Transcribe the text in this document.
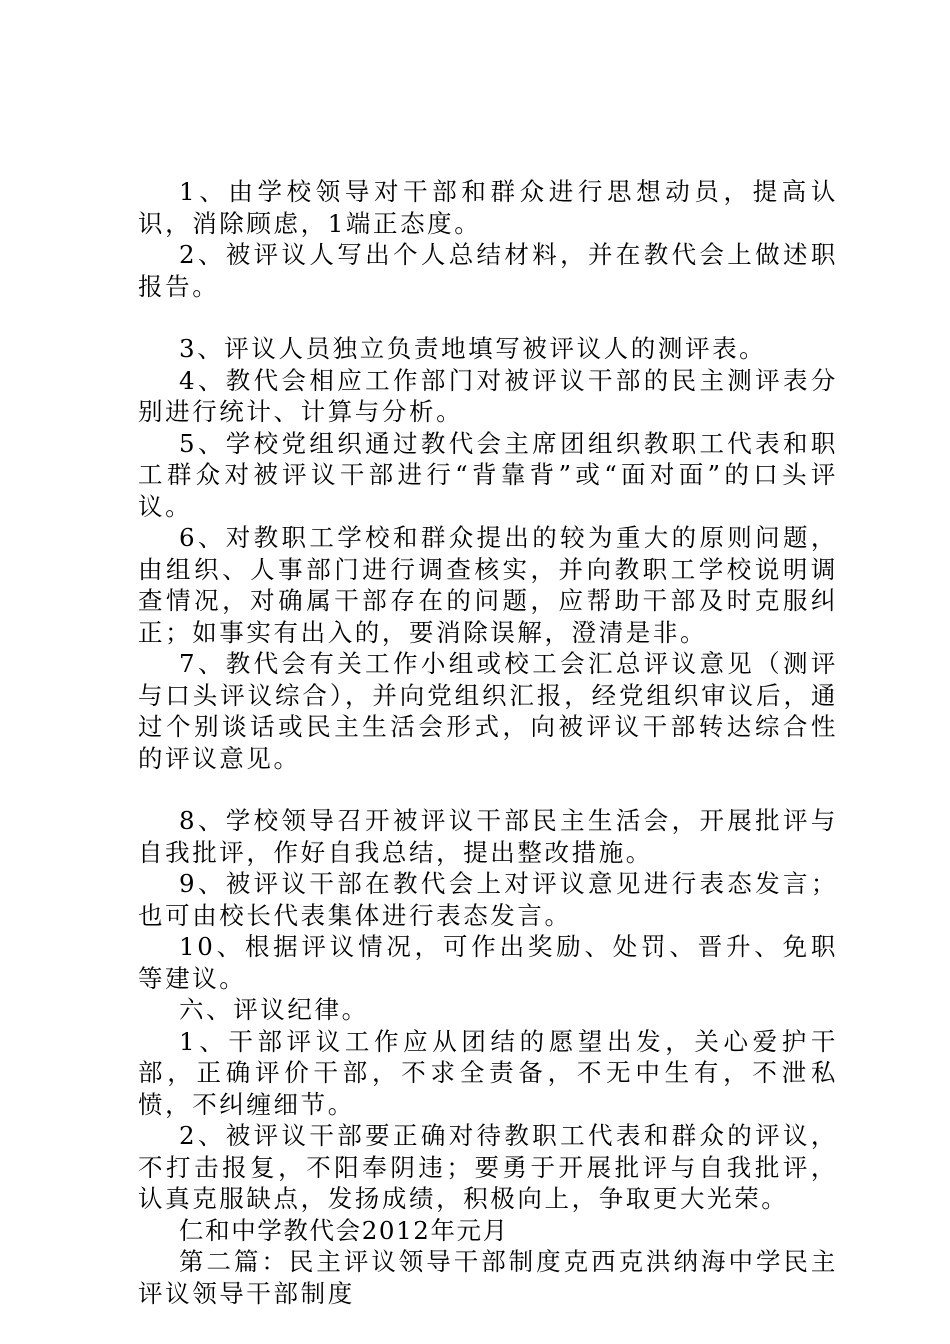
1、由学校领导对干部和群众进行思想动员，提高认识，消除顾虑，1端正态度。

2、被评议人写出个人总结材料，并在教代会上做述职报告。

3、评议人员独立负责地填写被评议人的测评表。

4、教代会相应工作部门对被评议干部的民主测评表分别进行统计、计算与分析。

5、学校党组织通过教代会主席团组织教职工代表和职工群众对被评议干部进行“背靠背”或“面对面”的口头评议。

6、对教职工学校和群众提出的较为重大的原则问题，由组织、人事部门进行调查核实，并向教职工学校说明调查情况，对确属干部存在的问题，应帮助干部及时克服纠正；如事实有出入的，要消除误解，澄清是非。

7、教代会有关工作小组或校工会汇总评议意见（测评与口头评议综合），并向党组织汇报，经党组织审议后，通过个别谈话或民主生活会形式，向被评议干部转达综合性的评议意见。

8、学校领导召开被评议干部民主生活会，开展批评与自我批评，作好自我总结，提出整改措施。

9、被评议干部在教代会上对评议意见进行表态发言；也可由校长代表集体进行表态发言。

10、根据评议情况，可作出奖励、处罚、晋升、免职等建议。

六、评议纪律。

1、干部评议工作应从团结的愿望出发，关心爱护干部，正确评价干部，不求全责备，不无中生有，不泄私愤，不纠缠细节。

2、被评议干部要正确对待教职工代表和群众的评议，不打击报复，不阳奉阴违；要勇于开展批评与自我批评，认真克服缺点，发扬成绩，积极向上，争取更大光荣。

仁和中学教代会2012年元月

第二篇：民主评议领导干部制度克西克洪纳海中学民主评议领导干部制度
